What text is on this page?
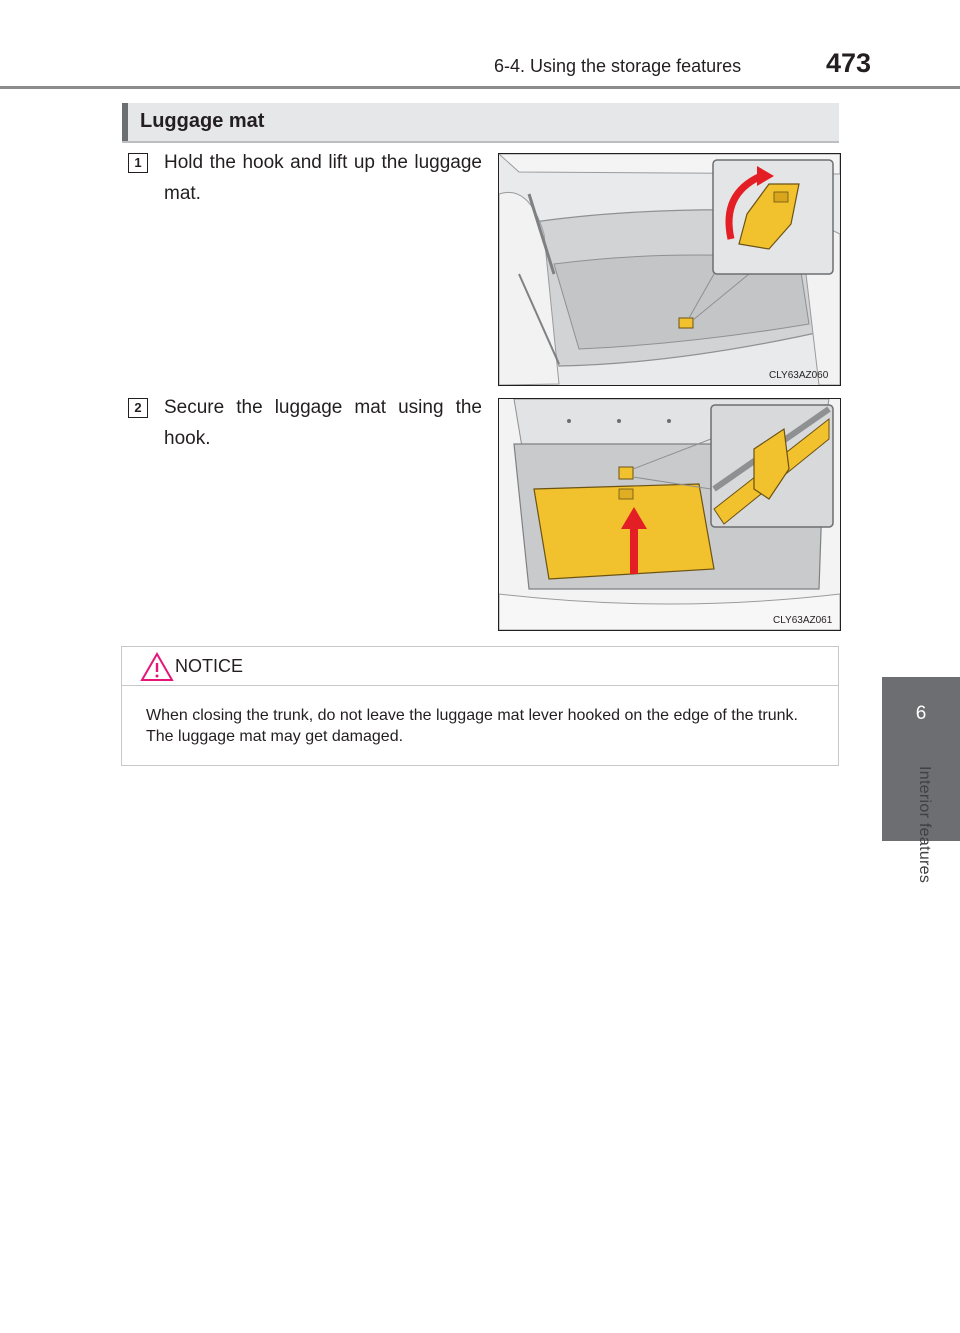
6-4. Using the storage features	473
6
Interior features
Luggage mat
1	Hold the hook and lift up the luggage mat.
CLY63AZ060
2	Secure the luggage mat using the hook.
CLY63AZ061
NOTICE
When closing the trunk, do not leave the luggage mat lever hooked on the edge of the trunk. The luggage mat may get damaged.
